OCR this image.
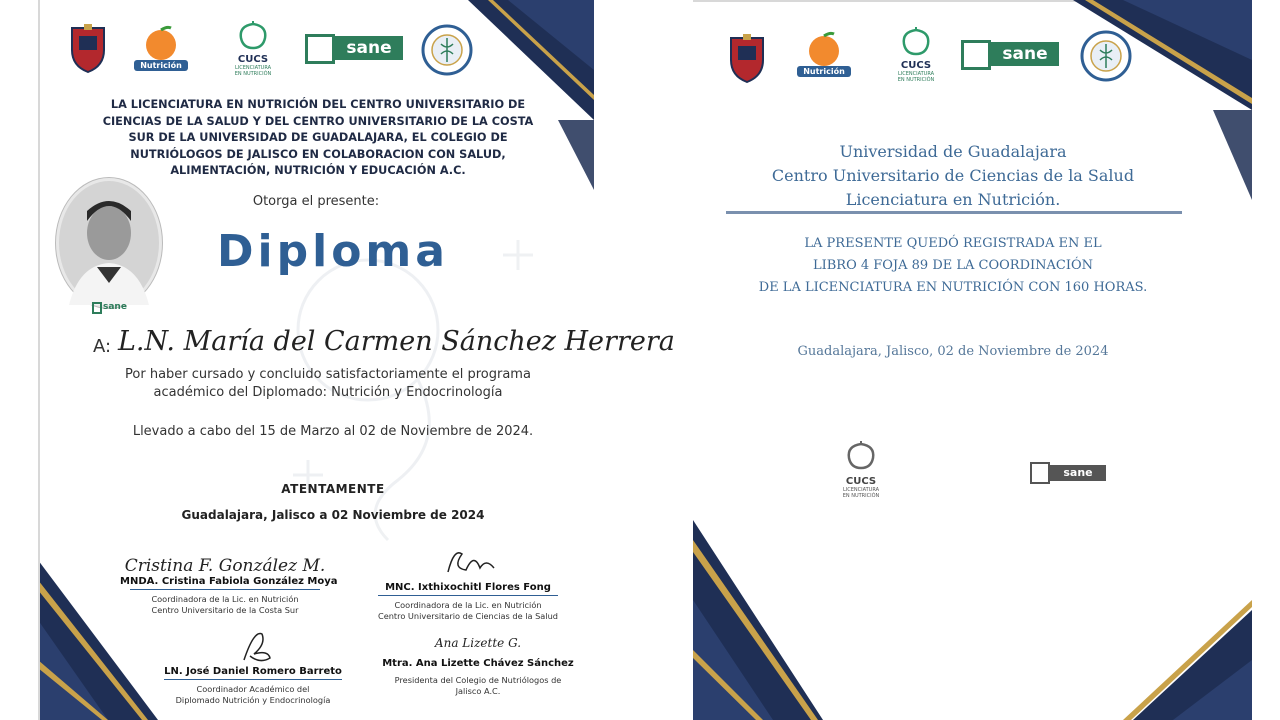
Nutrición
CUCS
LICENCIATURA
EN NUTRICIÓN
sane
LA LICENCIATURA EN NUTRICIÓN DEL CENTRO UNIVERSITARIO DE CIENCIAS DE LA SALUD Y DEL CENTRO UNIVERSITARIO DE LA COSTA SUR DE LA UNIVERSIDAD DE GUADALAJARA, EL COLEGIO DE NUTRIÓLOGOS DE JALISCO EN COLABORACION CON SALUD, ALIMENTACIÓN, NUTRICIÓN Y EDUCACIÓN A.C.
sane
Otorga el presente:
Diploma
A: L.N. María del Carmen Sánchez Herrera
Por haber cursado y concluido satisfactoriamente el programa académico del Diplomado: Nutrición y Endocrinología
Llevado a cabo del 15 de Marzo al 02 de Noviembre de 2024.
ATENTAMENTE
Guadalajara, Jalisco a 02 Noviembre de 2024
Cristina F. González M.
MNDA. Cristina Fabiola González Moya
Coordinadora de la Lic. en Nutrición
Centro Universitario de la Costa Sur
MNC. Ixthixochitl Flores Fong
Coordinadora de la Lic. en Nutrición
Centro Universitario de Ciencias de la Salud
LN. José Daniel Romero Barreto
Coordinador Académico del
Diplomado Nutrición y Endocrinología
Ana Lizette G.
Mtra. Ana Lizette Chávez Sánchez
Presidenta del Colegio de Nutriólogos de
Jalisco A.C.
Nutrición
CUCS
LICENCIATURA
EN NUTRICIÓN
sane
Universidad de Guadalajara
Centro Universitario de Ciencias de la Salud
Licenciatura en Nutrición.
LA PRESENTE QUEDÓ REGISTRADA EN EL
LIBRO 4 FOJA 89 DE LA COORDINACIÓN
DE LA LICENCIATURA EN NUTRICIÓN CON 160 HORAS.
Guadalajara, Jalisco, 02 de Noviembre de 2024
CUCS
LICENCIATURA
EN NUTRICIÓN
sane
